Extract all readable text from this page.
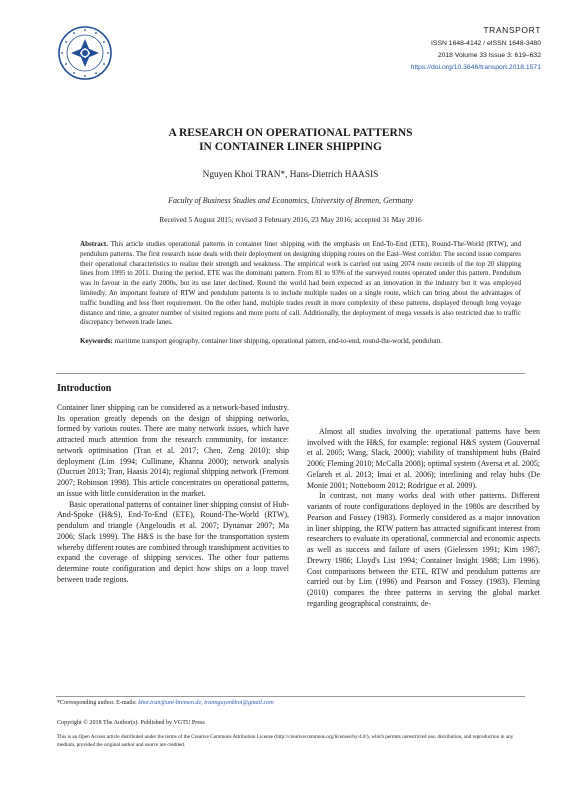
TRANSPORT
ISSN 1648-4142 / eISSN 1648-3480
2018 Volume 33 Issue 3: 619–632
https://doi.org/10.3846/transport.2018.1571
A RESEARCH ON OPERATIONAL PATTERNS
IN CONTAINER LINER SHIPPING
Nguyen Khoi TRAN*, Hans-Dietrich HAASIS
Faculty of Business Studies and Economics, University of Bremen, Germany
Received 5 August 2015; revised 3 February 2016, 23 May 2016; accepted 31 May 2016
Abstract. This article studies operational patterns in container liner shipping with the emphasis on End-To-End (ETE), Round-The-World (RTW), and pendulum patterns. The first research issue deals with their deployment on designing shipping routes on the East–West corridor. The second issue compares their operational characteristics to realize their strength and weakness. The empirical work is carried out using 2074 route records of the top 20 shipping lines from 1995 to 2011. During the period, ETE was the dominant pattern. From 81 to 93% of the surveyed routes operated under this pattern. Pendulum was in favour in the early 2000s, but its use later declined. Round the world had been expected as an innovation in the industry but it was employed limitedly. An important feature of RTW and pendulum patterns is to include multiple trades on a single route, which can bring about the advantages of traffic bundling and less fleet requirement. On the other hand, multiple trades result in more complexity of these patterns, displayed through long voyage distance and time, a greater number of visited regions and more ports of call. Additionally, the deployment of mega vessels is also restricted due to traffic discrepancy between trade lanes.
Keywords: maritime transport geography, container liner shipping, operational pattern, end-to-end, round-the-world, pendulum.
Introduction

Container liner shipping can be considered as a network-based industry. Its operation greatly depends on the design of shipping networks, formed by various routes. There are many network issues, which have attracted much attention from the research community, for instance: network optimisation (Tran et al. 2017; Chen, Zeng 2010); ship deployment (Lim 1994; Cullinane, Khanna 2000); network analysis (Ducruet 2013; Tran, Haasis 2014); regional shipping network (Fremont 2007; Robinson 1998). This article concentrates on operational patterns, an issue with little consideration in the market.

Basic operational patterns of container liner shipping consist of Hub-And-Spoke (H&S), End-To-End (ETE), Round-The-World (RTW), pendulum and triangle (Angeloudis et al. 2007; Dynamar 2007; Ma 2006; Slack 1999). The H&S is the base for the transportation system whereby different routes are combined through transhipment activities to expand the coverage of shipping services. The other four patterns determine route configuration and depict how ships on a loop travel between trade regions.

Almost all studies involving the operational patterns have been involved with the H&S, for example: regional H&S system (Gouvernal et al. 2005; Wang, Slack, 2000); viability of transhipment hubs (Baird 2006; Fleming 2010; McCalla 2008); optimal system (Aversa et al. 2005; Gelareh et al. 2013; Imai et al. 2006); interlining and relay hubs (De Monie 2001; Notteboom 2012; Rodrigue et al. 2009).

In contrast, not many works deal with other patterns. Different variants of route configurations deployed in the 1980s are described by Pearson and Fossey (1983). Formerly considered as a major innovation in liner shipping, the RTW pattern has attracted significant interest from researchers to evaluate its operational, commercial and economic aspects as well as success and failure of users (Gielessen 1991; Kim 1987; Drewry 1986; Lloyd's List 1994; Container Insight 1988; Lim 1996). Cost comparisons between the ETE, RTW and pendulum patterns are carried out by Lim (1996) and Pearson and Fossey (1983). Fleming (2010) compares the three patterns in serving the global market regarding geographical constraints, de-

*Corresponding author. E-mails: khoi.tran@uni-bremen.de, trannguyenkhoi@gmail.com
Copyright © 2018 The Author(s). Published by VGTU Press
This is an Open Access article distributed under the terms of the Creative Commons Attribution License (http://creativecommons.org/licenses/by/4.0/), which permits unrestricted use, distribution, and reproduction in any medium, provided the original author and source are credited.
